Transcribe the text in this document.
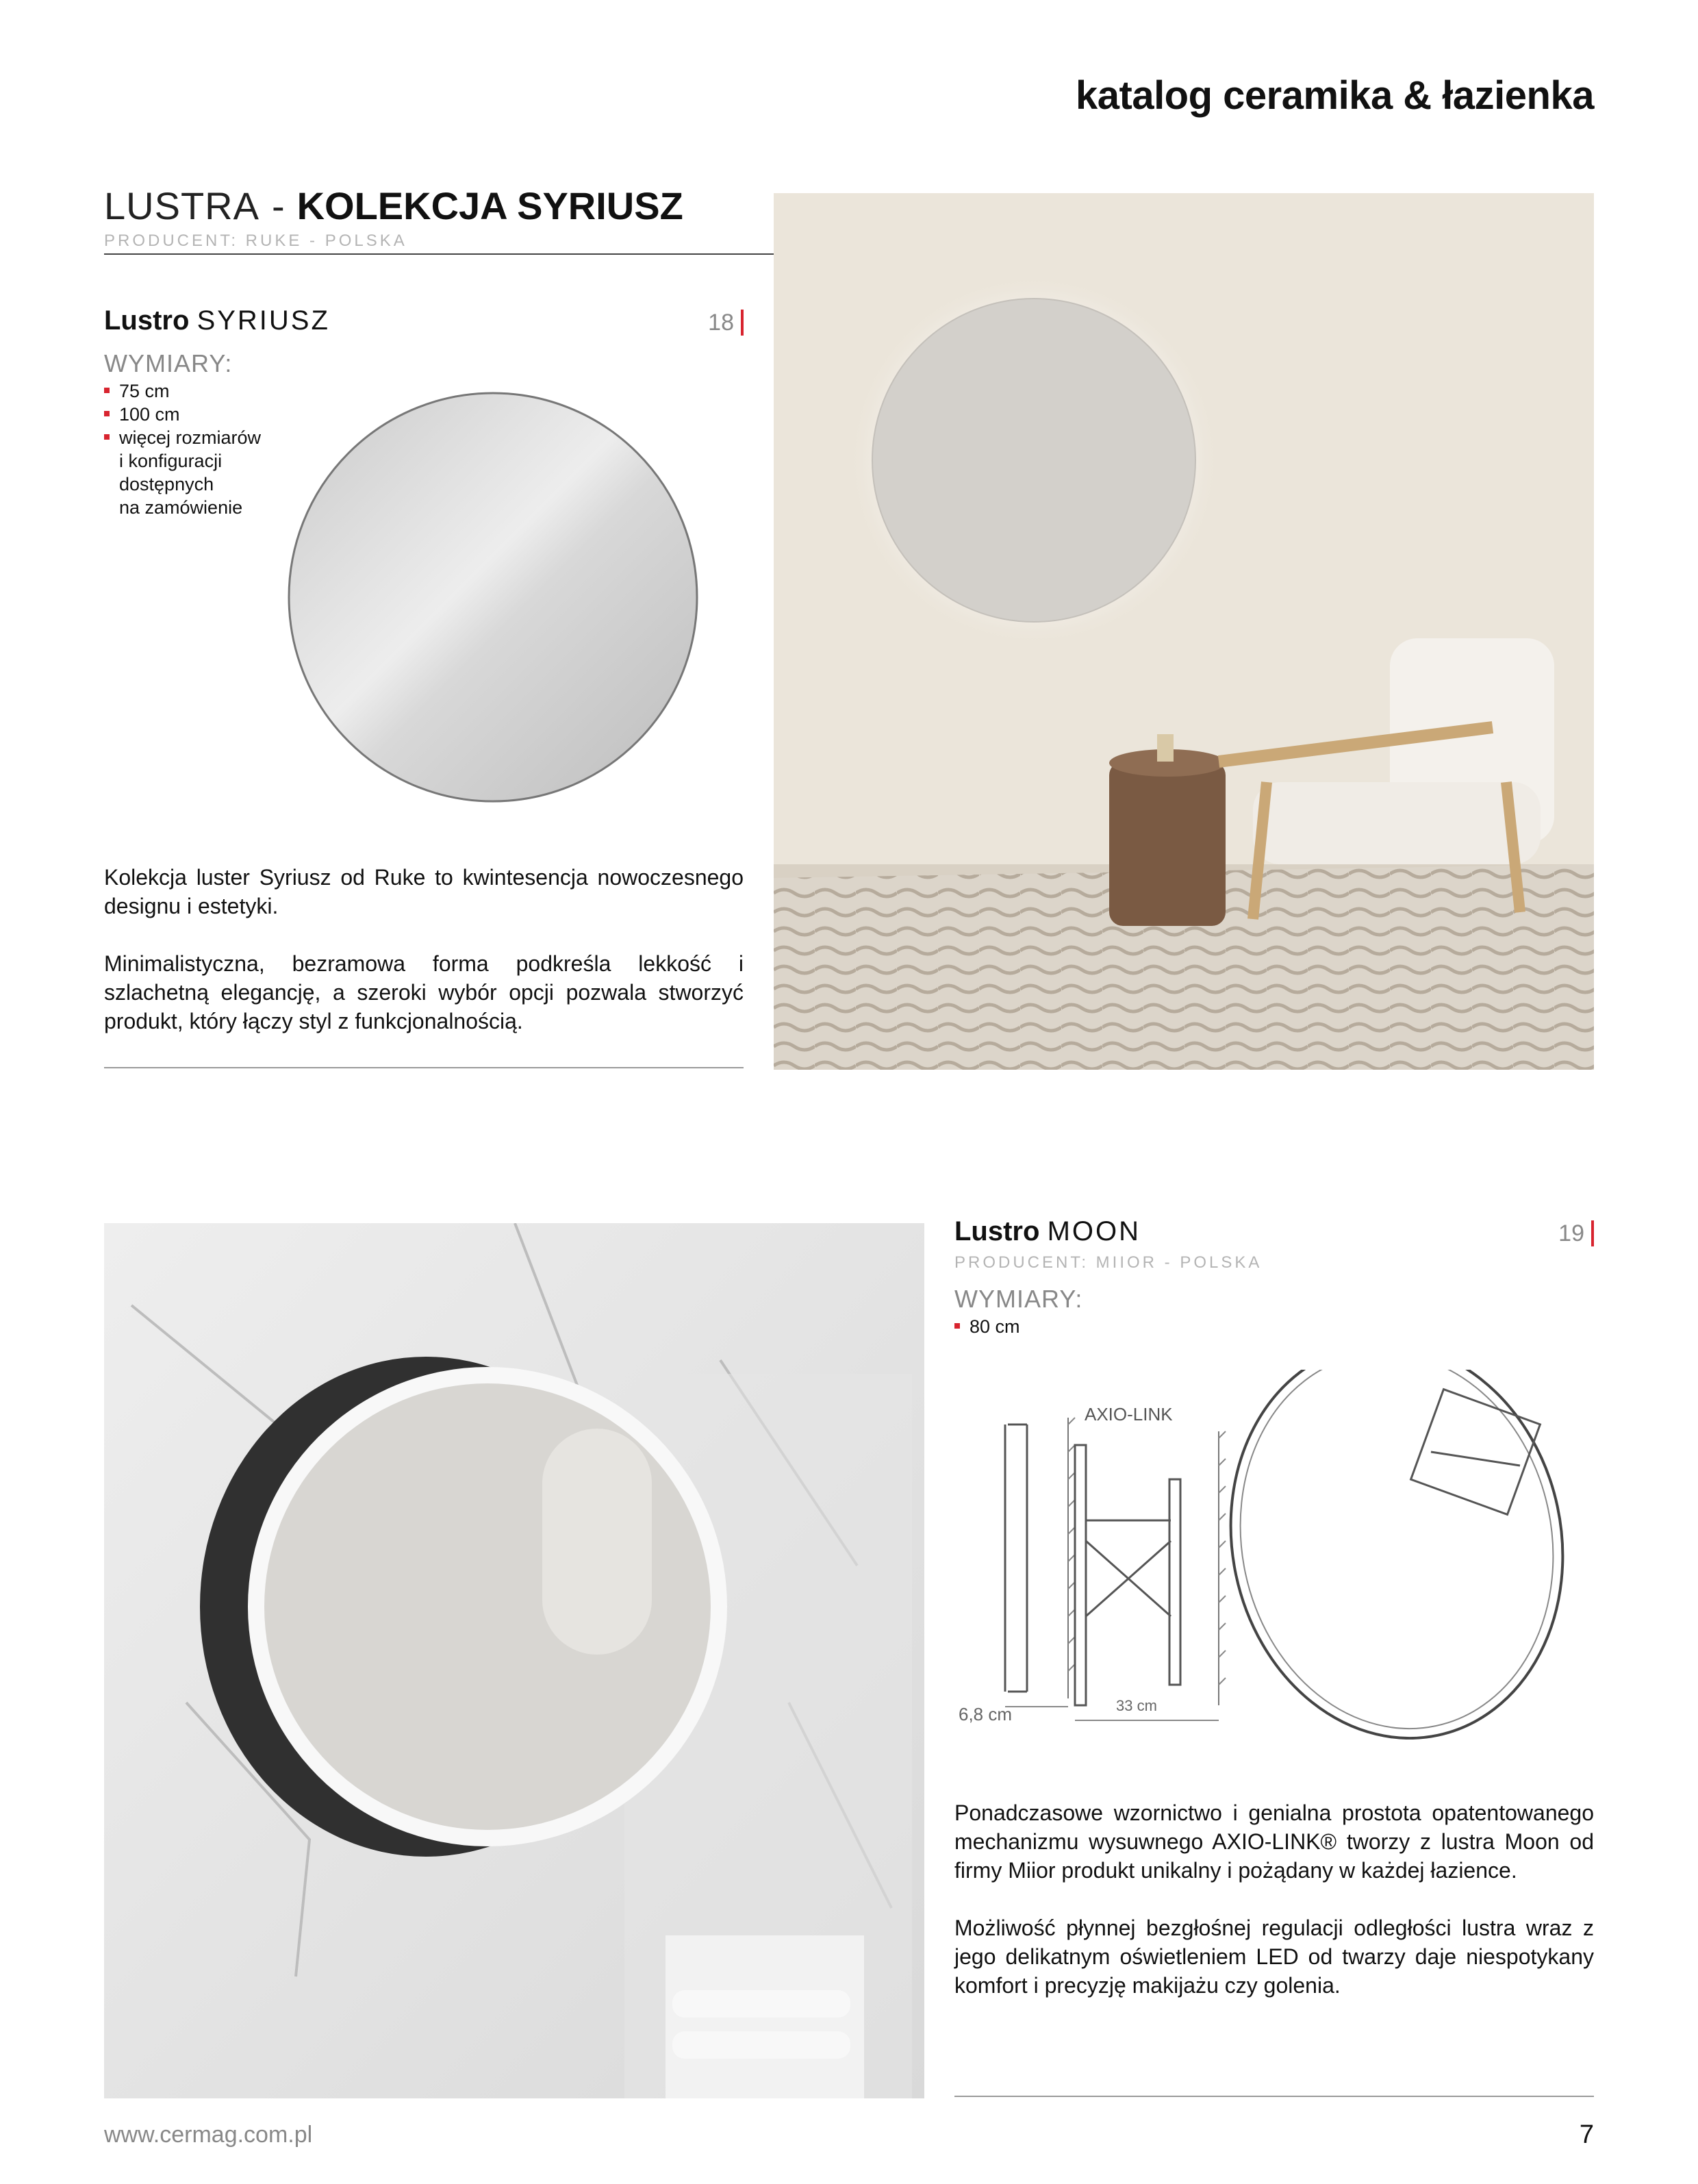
katalog ceramika & łazienka
LUSTRA - KOLEKCJA SYRIUSZ
PRODUCENT: RUKE - POLSKA
Lustro SYRIUSZ	18
WYMIARY:
75 cm
100 cm
więcej rozmiarów
i konfiguracji
dostępnych
na zamówienie

Kolekcja luster Syriusz od Ruke to kwintesencja nowoczesnego designu i estetyki.

Minimalistyczna, bezramowa forma podkreśla lekkość i szlachetną elegancję, a szeroki wybór opcji pozwala stworzyć produkt, który łączy styl z funkcjonalnością.

Lustro MOON	19
PRODUCENT: MIIOR - POLSKA
WYMIARY:
80 cm
AXIO-LINK
6,8 cm	33 cm

Ponadczasowe wzornictwo i genialna prostota opatentowanego mechanizmu wysuwnego AXIO-LINK® tworzy z lustra Moon od firmy Miior produkt unikalny i pożądany w każdej łazience.

Możliwość płynnej bezgłośnej regulacji odległości lustra wraz z jego delikatnym oświetleniem LED od twarzy daje niespotykany komfort i precyzję makijażu czy golenia.

www.cermag.com.pl	7
